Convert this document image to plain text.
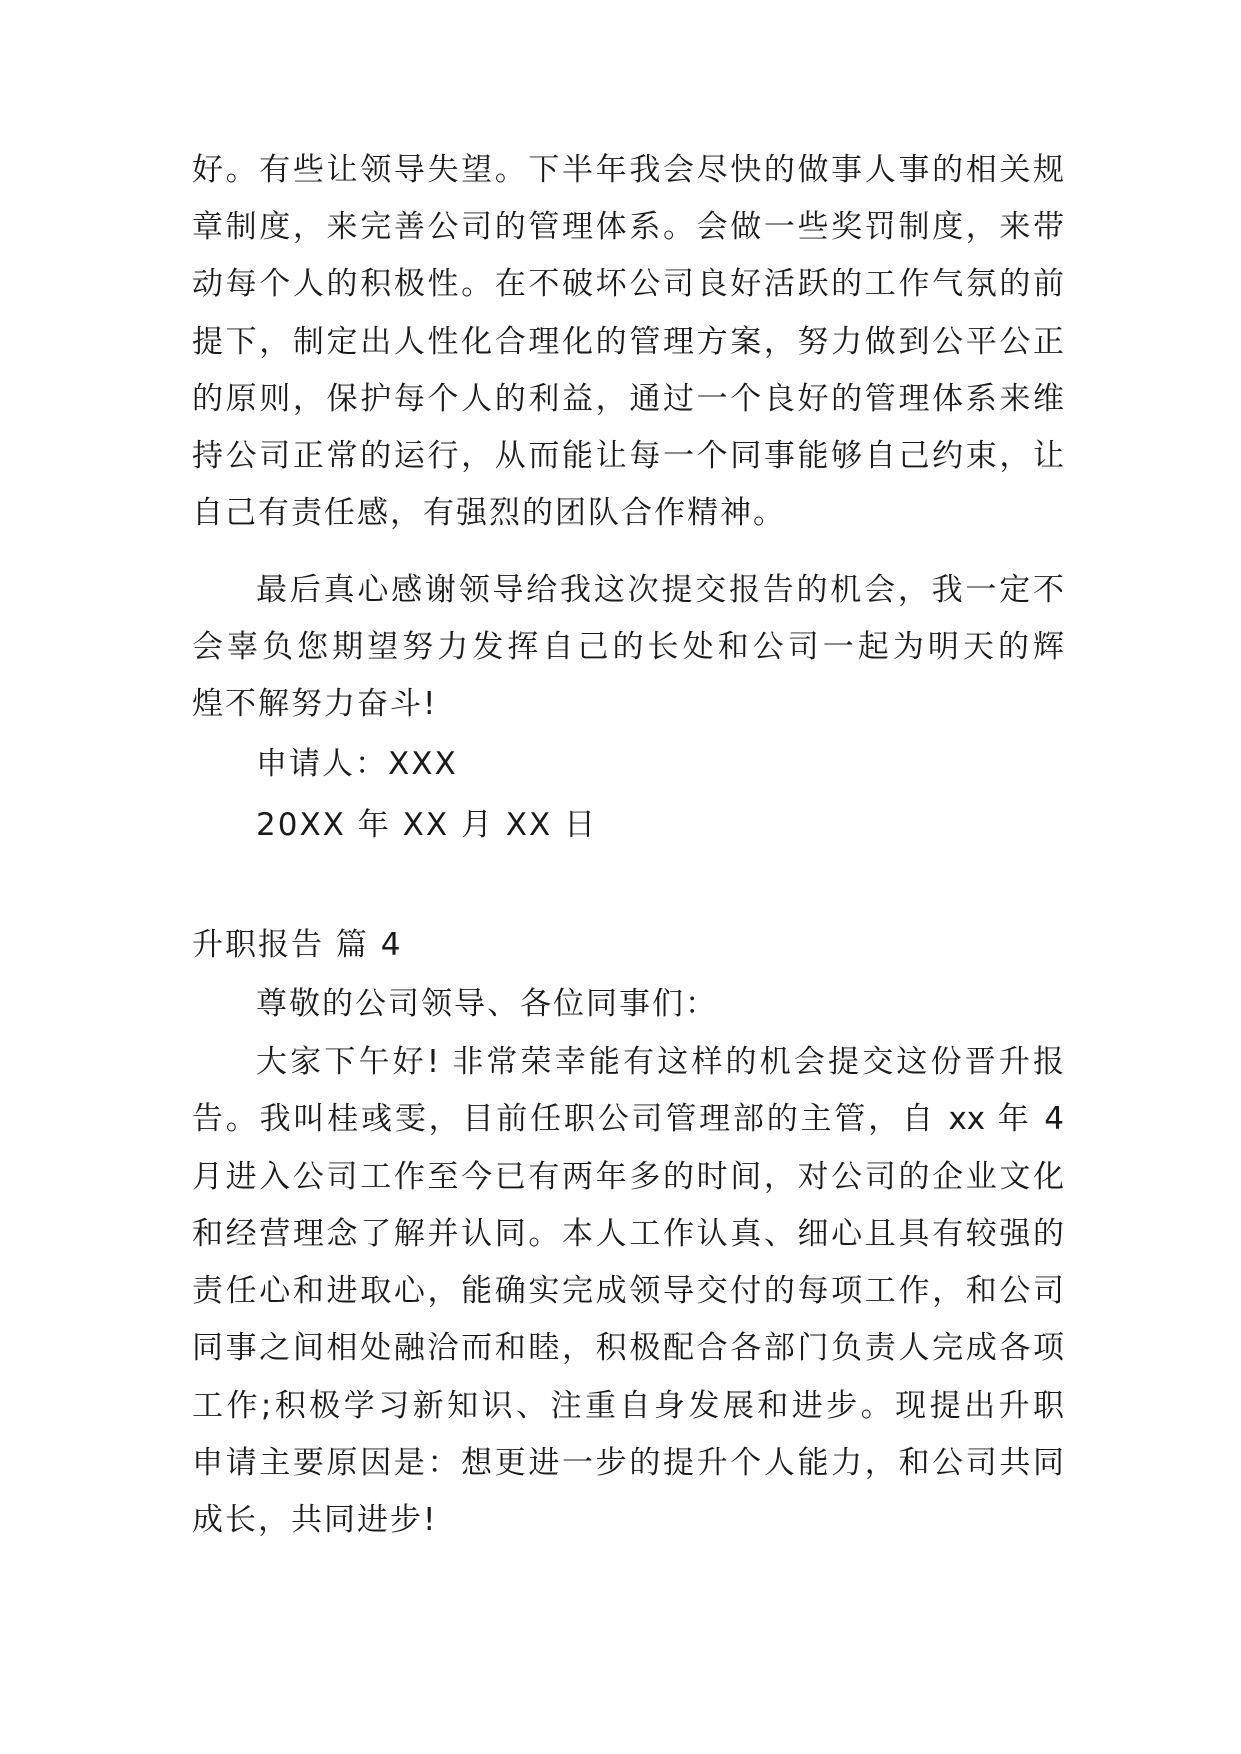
好。有些让领导失望。下半年我会尽快的做事人事的相关规
章制度，来完善公司的管理体系。会做一些奖罚制度，来带
动每个人的积极性。在不破坏公司良好活跃的工作气氛的前
提下，制定出人性化合理化的管理方案，努力做到公平公正
的原则，保护每个人的利益，通过一个良好的管理体系来维
持公司正常的运行，从而能让每一个同事能够自己约束，让
自己有责任感，有强烈的团队合作精神。
最后真心感谢领导给我这次提交报告的机会，我一定不
会辜负您期望努力发挥自己的长处和公司一起为明天的辉
煌不解努力奋斗!
申请人：XXX
20XX 年 XX 月 XX 日
升职报告 篇 4
尊敬的公司领导、各位同事们：
大家下午好! 非常荣幸能有这样的机会提交这份晋升报
告。我叫桂彧雯，目前任职公司管理部的主管，自 xx 年 4
月进入公司工作至今已有两年多的时间，对公司的企业文化
和经营理念了解并认同。本人工作认真、细心且具有较强的
责任心和进取心，能确实完成领导交付的每项工作，和公司
同事之间相处融洽而和睦，积极配合各部门负责人完成各项
工作;积极学习新知识、注重自身发展和进步。现提出升职
申请主要原因是：想更进一步的提升个人能力，和公司共同
成长，共同进步!
